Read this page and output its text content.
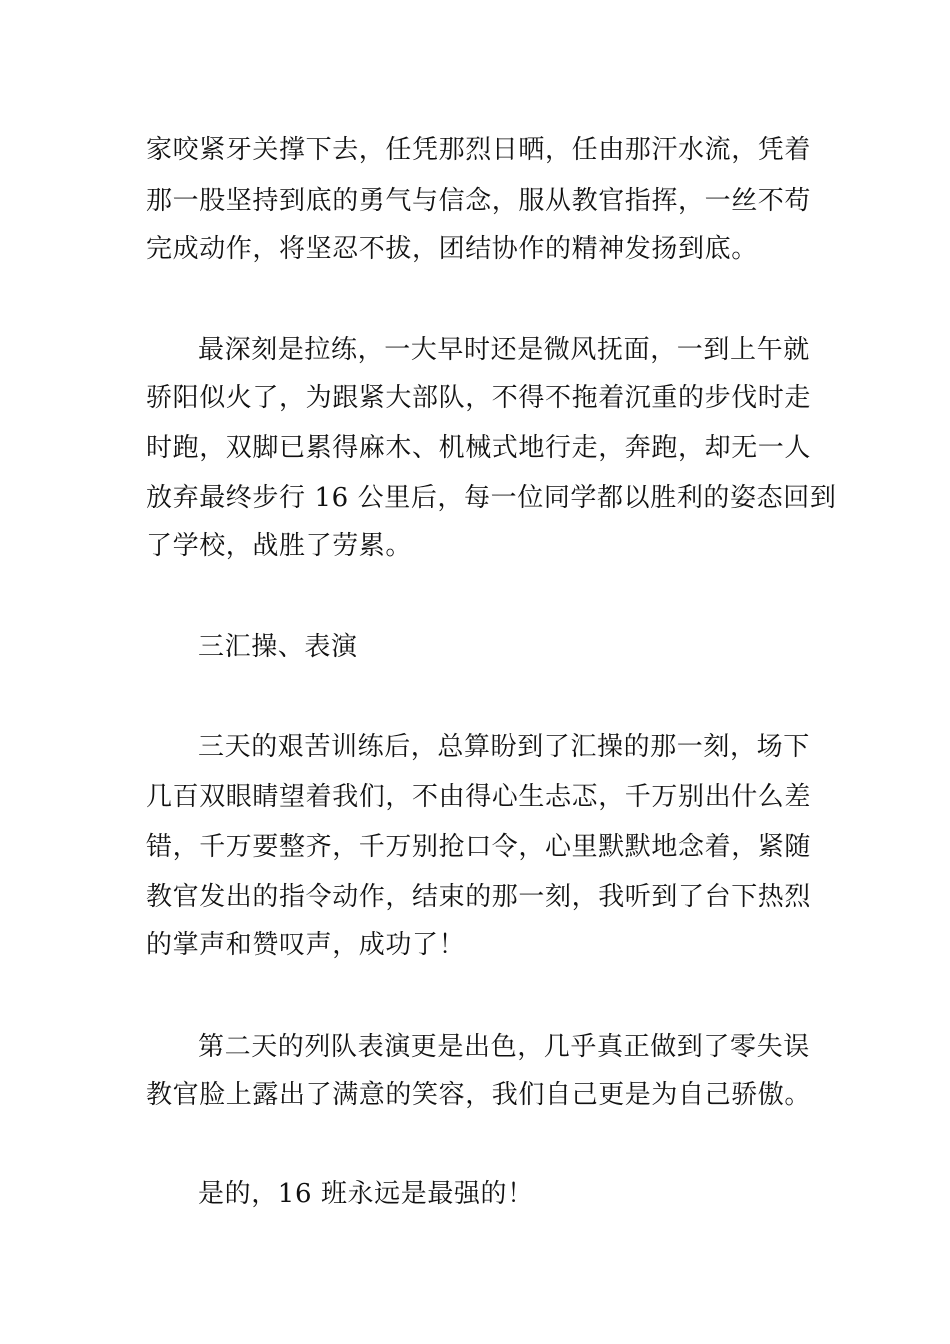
家咬紧牙关撑下去，任凭那烈日晒，任由那汗水流，凭着
那一股坚持到底的勇气与信念，服从教官指挥，一丝不苟
完成动作，将坚忍不拔，团结协作的精神发扬到底。
最深刻是拉练，一大早时还是微风抚面，一到上午就
骄阳似火了，为跟紧大部队，不得不拖着沉重的步伐时走
时跑，双脚已累得麻木、机械式地行走，奔跑，却无一人
放弃最终步行 16 公里后，每一位同学都以胜利的姿态回到
了学校，战胜了劳累。
三汇操、表演
三天的艰苦训练后，总算盼到了汇操的那一刻，场下
几百双眼睛望着我们，不由得心生忐忑，千万别出什么差
错，千万要整齐，千万别抢口令，心里默默地念着，紧随
教官发出的指令动作，结束的那一刻，我听到了台下热烈
的掌声和赞叹声，成功了！
第二天的列队表演更是出色，几乎真正做到了零失误
教官脸上露出了满意的笑容，我们自己更是为自己骄傲。
是的，16 班永远是最强的！
